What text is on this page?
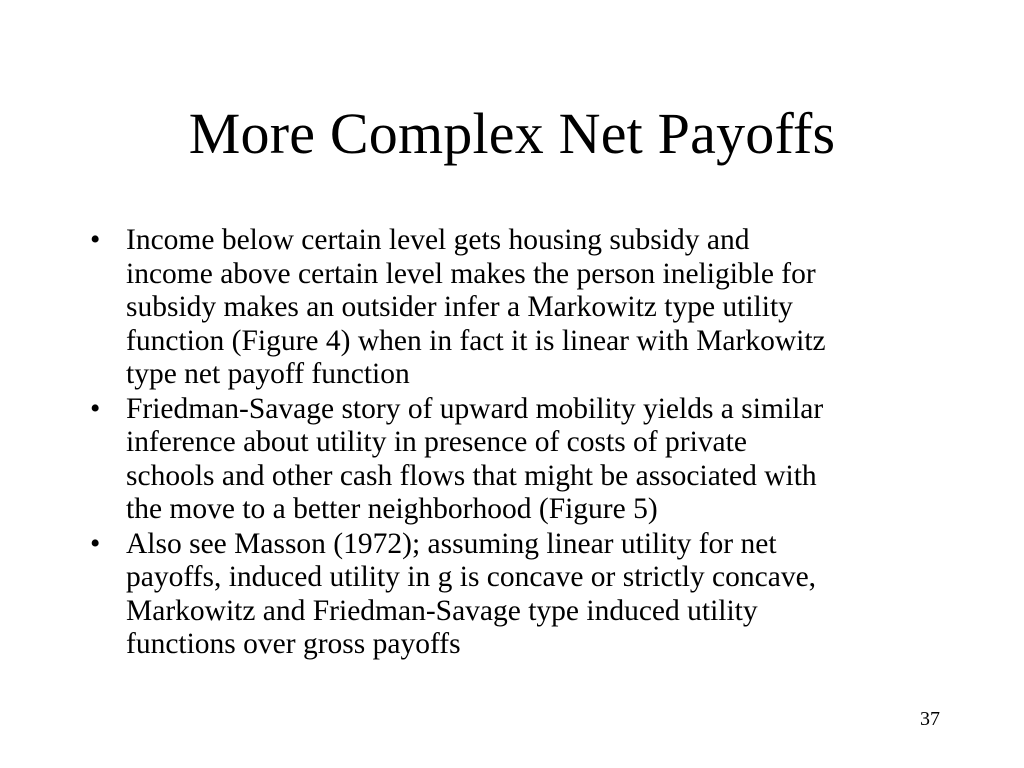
More Complex Net Payoffs
• Income below certain level gets housing subsidy and
income above certain level makes the person ineligible for
subsidy makes an outsider infer a Markowitz type utility
function (Figure 4) when in fact it is linear with Markowitz
type net payoff function
• Friedman-Savage story of upward mobility yields a similar
inference about utility in presence of costs of private
schools and other cash flows that might be associated with
the move to a better neighborhood (Figure 5)
• Also see Masson (1972); assuming linear utility for net
payoffs, induced utility in g is concave or strictly concave,
Markowitz and Friedman-Savage type induced utility
functions over gross payoffs
37
